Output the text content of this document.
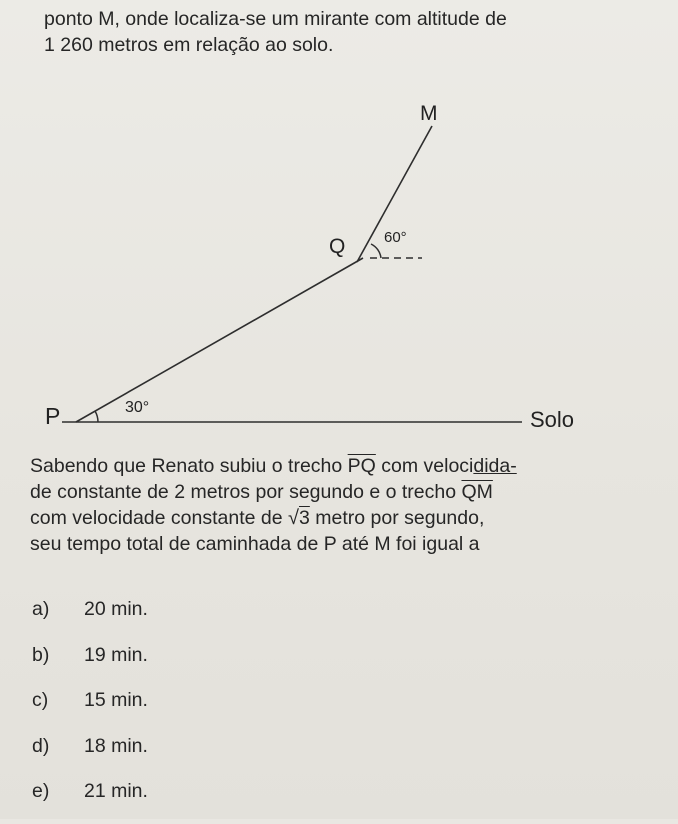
ponto M, onde localiza-se um mirante com altitude de

1 260 metros em relação ao solo.

M
Q	60°
P	30°	Solo

Sabendo que Renato subiu o trecho $\overline{PQ}$ com velocidida-

de constante de 2 metros por segundo e o trecho $\overline{QM}$

com velocidade constante de √3 metro por segundo,

seu tempo total de caminhada de P até M foi igual a

a)	20 min.
b)	19 min.
c)	15 min.
d)	18 min.
e)	21 min.
